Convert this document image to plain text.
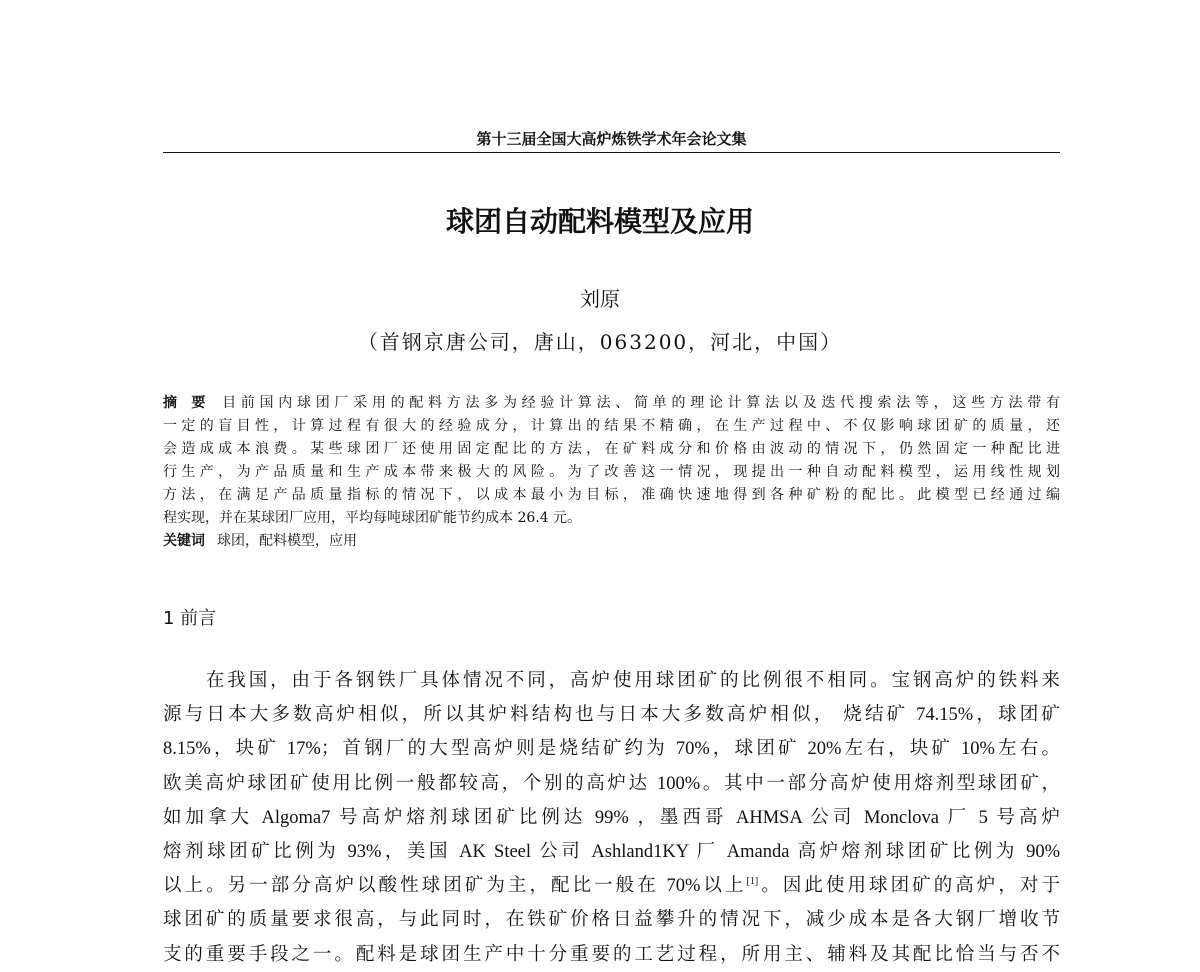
第十三届全国大高炉炼铁学术年会论文集
球团自动配料模型及应用
刘原
（首钢京唐公司，唐山，063200，河北，中国）
摘 要 目前国内球团厂采用的配料方法多为经验计算法、简单的理论计算法以及迭代搜索法等，这些方法带有
一定的盲目性，计算过程有很大的经验成分，计算出的结果不精确，在生产过程中、不仅影响球团矿的质量，还
会造成成本浪费。某些球团厂还使用固定配比的方法，在矿料成分和价格由波动的情况下，仍然固定一种配比进
行生产，为产品质量和生产成本带来极大的风险。为了改善这一情况，现提出一种自动配料模型，运用线性规划
方法，在满足产品质量指标的情况下，以成本最小为目标，准确快速地得到各种矿粉的配比。此模型已经通过编
程实现，并在某球团厂应用，平均每吨球团矿能节约成本 26.4 元。
关键词 球团，配料模型，应用
1 前言
　　在我国，由于各钢铁厂具体情况不同，高炉使用球团矿的比例很不相同。宝钢高炉的铁料来
源与日本大多数高炉相似，所以其炉料结构也与日本大多数高炉相似， 烧结矿 74.15%，球团矿
8.15%，块矿 17%；首钢厂的大型高炉则是烧结矿约为 70%，球团矿 20%左右，块矿 10%左右。
欧美高炉球团矿使用比例一般都较高，个别的高炉达 100%。其中一部分高炉使用熔剂型球团矿，
如加拿大 Algoma7 号高炉熔剂球团矿比例达 99% ，墨西哥 AHMSA 公司 Monclova 厂 5 号高炉
熔剂球团矿比例为 93%，美国 AK Steel 公司 Ashland1KY 厂 Amanda 高炉熔剂球团矿比例为 90%
以上。另一部分高炉以酸性球团矿为主，配比一般在 70%以上[1]。因此使用球团矿的高炉，对于
球团矿的质量要求很高，与此同时，在铁矿价格日益攀升的情况下，减少成本是各大钢厂增收节
支的重要手段之一。配料是球团生产中十分重要的工艺过程，所用主、辅料及其配比恰当与否不
